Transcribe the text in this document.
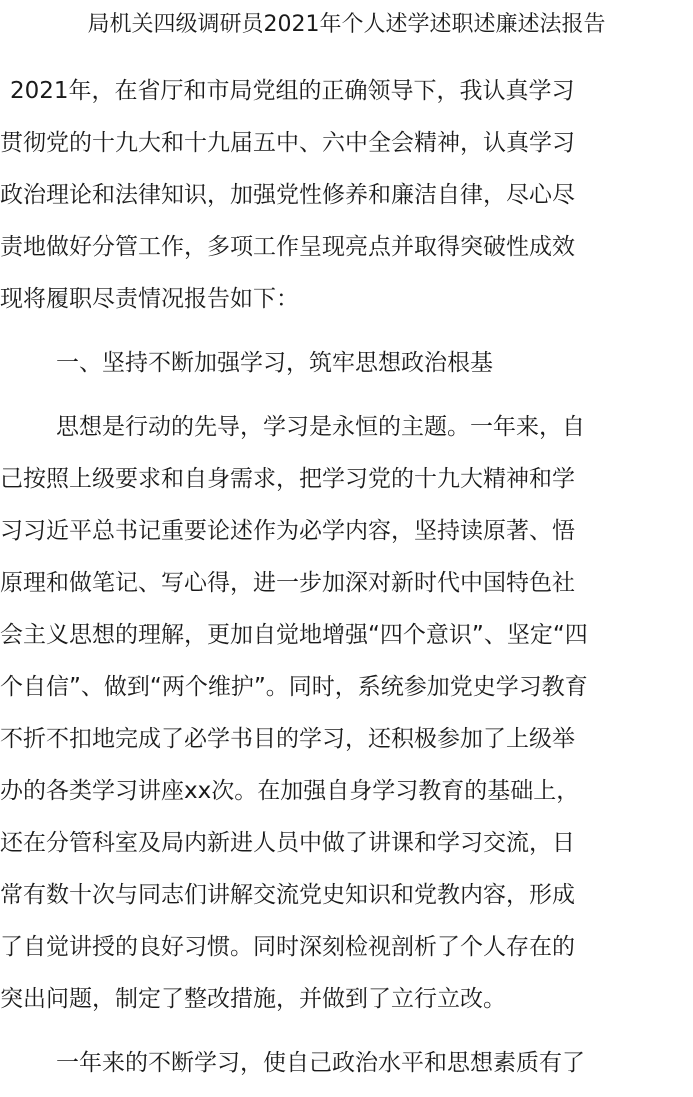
局机关四级调研员2021年个人述学述职述廉述法报告
2021年，在省厅和市局党组的正确领导下，我认真学习
贯彻党的十九大和十九届五中、六中全会精神，认真学习
政治理论和法律知识，加强党性修养和廉洁自律，尽心尽
责地做好分管工作，多项工作呈现亮点并取得突破性成效
现将履职尽责情况报告如下：
一、坚持不断加强学习，筑牢思想政治根基
思想是行动的先导，学习是永恒的主题。一年来，自
己按照上级要求和自身需求，把学习党的十九大精神和学
习习近平总书记重要论述作为必学内容，坚持读原著、悟
原理和做笔记、写心得，进一步加深对新时代中国特色社
会主义思想的理解，更加自觉地增强“四个意识”、坚定“四
个自信”、做到“两个维护”。同时，系统参加党史学习教育
不折不扣地完成了必学书目的学习，还积极参加了上级举
办的各类学习讲座xx次。在加强自身学习教育的基础上，
还在分管科室及局内新进人员中做了讲课和学习交流，日
常有数十次与同志们讲解交流党史知识和党教内容，形成
了自觉讲授的良好习惯。同时深刻检视剖析了个人存在的
突出问题，制定了整改措施，并做到了立行立改。
一年来的不断学习，使自己政治水平和思想素质有了
